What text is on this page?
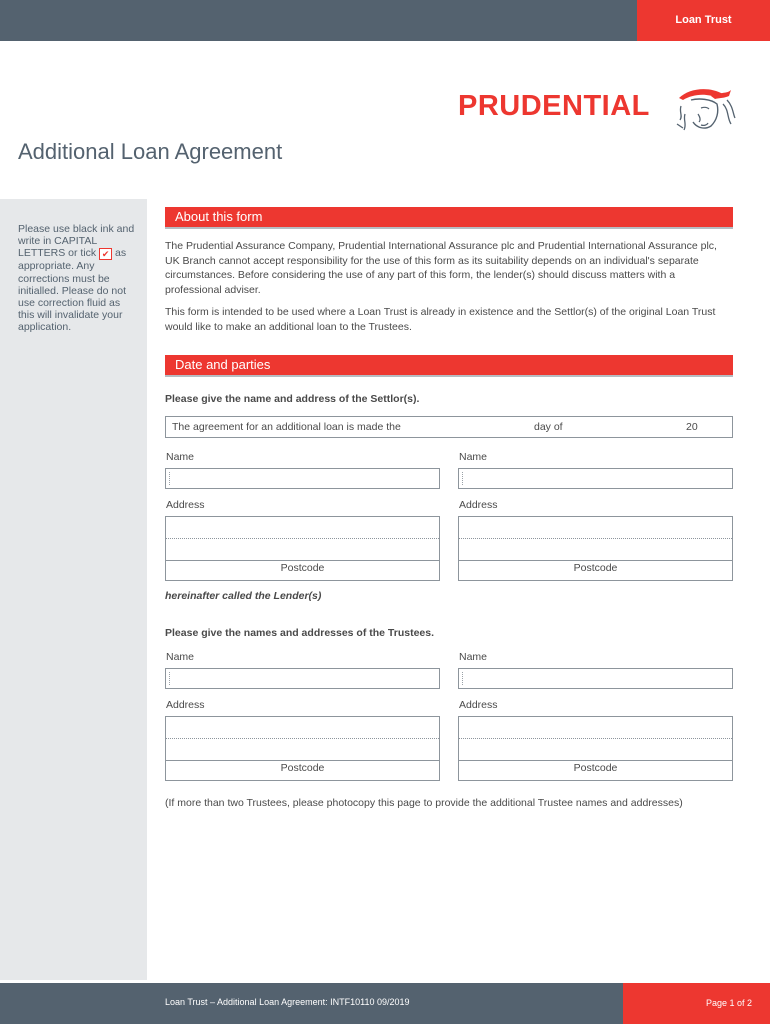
Loan Trust
PRUDENTIAL
Additional Loan Agreement
Please use black ink and write in CAPITAL LETTERS or tick ✔ as appropriate. Any corrections must be initialled. Please do not use correction fluid as this will invalidate your application.
About this form

The Prudential Assurance Company, Prudential International Assurance plc and Prudential International Assurance plc, UK Branch cannot accept responsibility for the use of this form as its suitability depends on an individual's separate circumstances. Before considering the use of any part of this form, the lender(s) should discuss matters with a professional adviser.

This form is intended to be used where a Loan Trust is already in existence and the Settlor(s) of the original Loan Trust would like to make an additional loan to the Trustees.

Date and parties
Please give the name and address of the Settlor(s).
The agreement for an additional loan is made the	day of	20
Name
Address
Postcode
Name
Address
Postcode
hereinafter called the Lender(s)
Please give the names and addresses of the Trustees.
Name
Address
Postcode
Name
Address
Postcode
(If more than two Trustees, please photocopy this page to provide the additional Trustee names and addresses)
Loan Trust – Additional Loan Agreement: INTF10110 09/2019	Page 1 of 2
